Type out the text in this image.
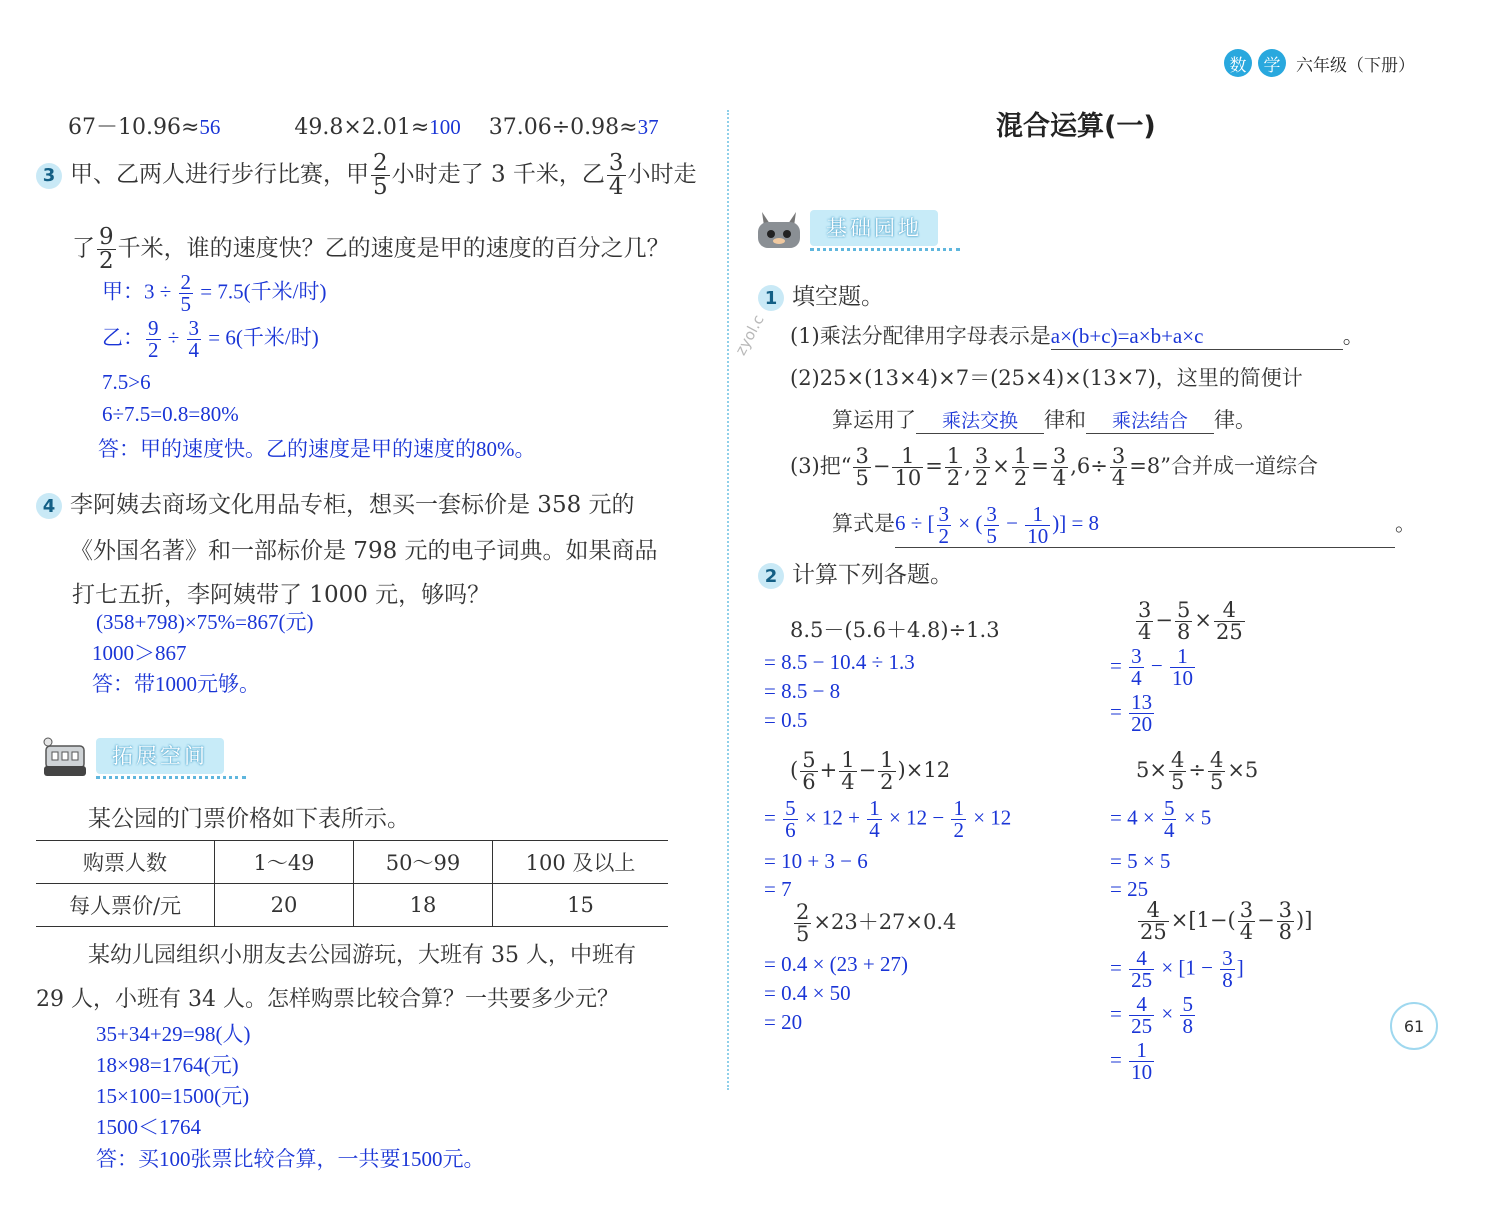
数	学 六年级（下册）
67－10.96≈56	49.8×2.01≈100 37.06÷0.98≈37
3 甲、乙两人进行步行比赛，甲 $\frac{2}{5}$ 小时走了 3 千米，乙 $\frac{3}{4}$ 小时走
了 $\frac{9}{2}$ 千米，谁的速度快？乙的速度是甲的速度的百分之几？
甲：$3 \div \frac{2}{5} = 7.5$(千米/时)
乙： $\frac{9}{2} \div \frac{3}{4} = 6$(千米/时)
7.5>6
6÷7.5=0.8=80%
答：甲的速度快。乙的速度是甲的速度的80%。
4 李阿姨去商场文化用品专柜，想买一套标价是 358 元的
《外国名著》和一部标价是 798 元的电子词典。如果商品
打七五折，李阿姨带了 1000 元，够吗？
(358+798)×75%=867(元)
1000＞867
答：带1000元够。
拓展空间
某公园的门票价格如下表所示。
购票人数	1～49	50～99	100 及以上
每人票价/元	20	18	15
某幼儿园组织小朋友去公园游玩，大班有 35 人，中班有
29 人，小班有 34 人。怎样购票比较合算？一共要多少元？
35+34+29=98(人)
18×98=1764(元)
15×100=1500(元)
1500＜1764
答：买100张票比较合算，一共要1500元。
混合运算(一)
基础园地
zyol.c
1 填空题。
(1)乘法分配律用字母表示是a×(b+c)=a×b+a×c	。
(2)25×(13×4)×7＝(25×4)×(13×7)，这里的简便计
算运用了 乘法交换 律和 乘法结合 律。
(3)把“ $\frac{3}{5} - \frac{1}{10} = \frac{1}{2}$ , $\frac{3}{2} \times \frac{1}{2} = \frac{3}{4} ,6\div \frac{3}{4} =8$”合并成一道综合
算式是6 ÷ [ $\frac{3}{2}$ × ( $\frac{3}{5} - \frac{1}{10}$ )] = 8	。
2 计算下列各题。
8.5－(5.6＋4.8)÷1.3
= 8.5 − 10.4 ÷ 1.3
= 8.5 − 8
= 0.5
$\frac{3}{4} - \frac{5}{8} \times \frac{4}{25}$
= $\frac{3}{4} - \frac{1}{10}$
= $\frac{13}{20}$
( $\frac{5}{6} + \frac{1}{4} - \frac{1}{2} )\times 12$
= $\frac{5}{6} \times 12 + \frac{1}{4} \times 12 - \frac{1}{2} \times 12$
= 10 + 3 − 6
= 7
$5\times \frac{4}{5} \div \frac{4}{5} \times 5$
= $4 \times \frac{5}{4} \times 5$
= 5 × 5
= 25
$\frac{2}{5} \times 23+27\times 0.4$
= 0.4 × (23 + 27)
= 0.4 × 50
= 20
$\frac{4}{25} \times[1-( \frac{3}{4} - \frac{3}{8}$ )]
= $\frac{4}{25} \times [1 - \frac{3}{8}$ ]
= $\frac{4}{25} \times \frac{5}{8}$
= $\frac{1}{10}$
61
